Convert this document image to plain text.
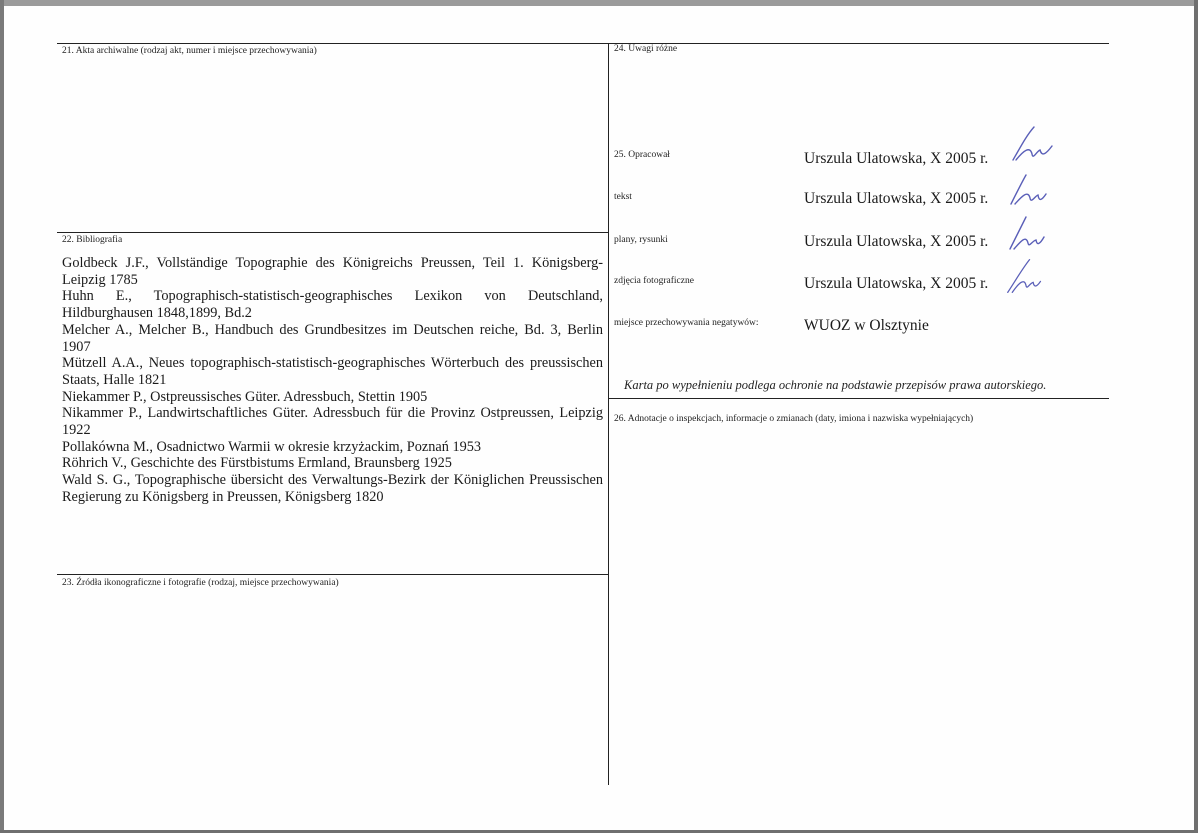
21. Akta archiwalne (rodzaj akt, numer i miejsce przechowywania)
22. Bibliografia
Goldbeck J.F., Vollständige Topographie des Königreichs Preussen, Teil 1. Königsberg-Leipzig 1785
Huhn E., Topographisch-statistisch-geographisches Lexikon von Deutschland, Hildburghausen 1848,1899, Bd.2
Melcher A., Melcher B., Handbuch des Grundbesitzes im Deutschen reiche, Bd. 3, Berlin 1907
Mützell A.A., Neues topographisch-statistisch-geographisches Wörterbuch des preussischen Staats, Halle 1821
Niekammer P., Ostpreussisches Güter. Adressbuch, Stettin 1905
Nikammer P., Landwirtschaftliches Güter. Adressbuch für die Provinz Ostpreussen, Leipzig 1922
Pollakówna M., Osadnictwo Warmii w okresie krzyżackim, Poznań 1953
Röhrich V., Geschichte des Fürstbistums Ermland, Braunsberg 1925
Wald S. G., Topographische übersicht des Verwaltungs-Bezirk der Königlichen Preussischen Regierung zu Königsberg in Preussen, Königsberg 1820
23. Źródła ikonograficzne i fotografie (rodzaj, miejsce przechowywania)
24. Uwagi różne
25. Opracował	Urszula Ulatowska, X 2005 r.
tekst	Urszula Ulatowska, X 2005 r.
plany, rysunki	Urszula Ulatowska, X 2005 r.
zdjęcia fotograficzne	Urszula Ulatowska, X 2005 r.
miejsce przechowywania negatywów:	WUOZ w Olsztynie
Karta po wypełnieniu podlega ochronie na podstawie przepisów prawa autorskiego.
26. Adnotacje o inspekcjach, informacje o zmianach (daty, imiona i nazwiska wypełniających)
